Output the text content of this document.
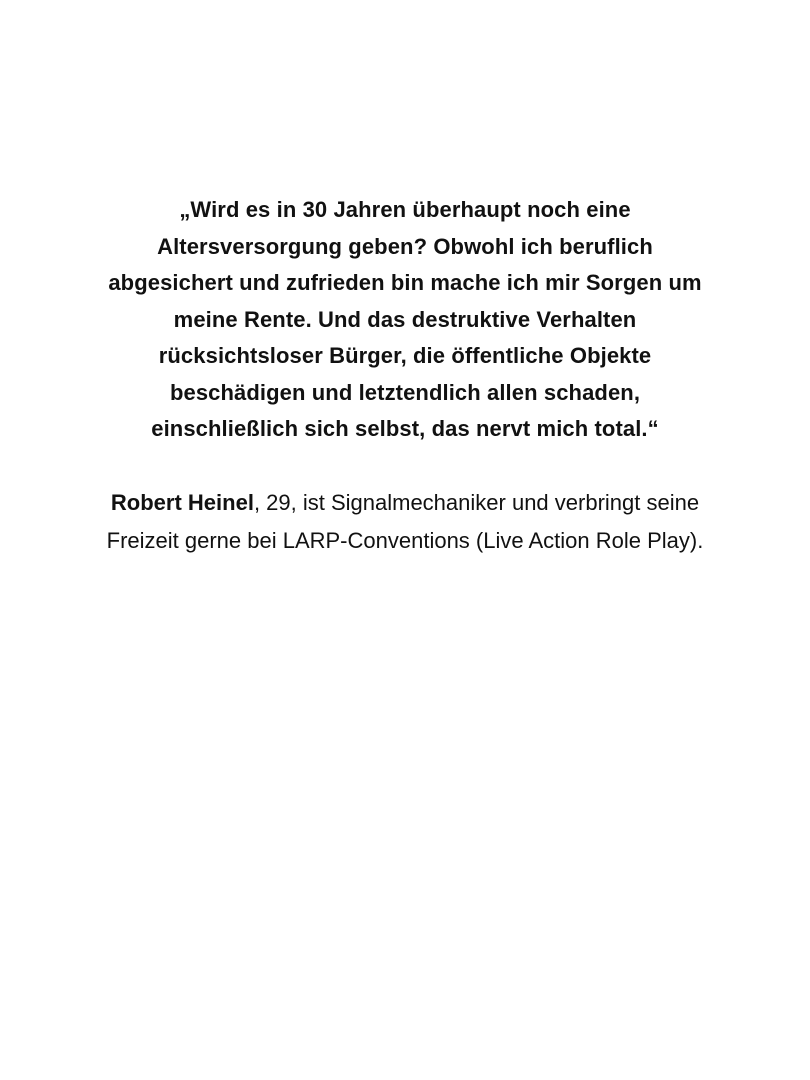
„Wird es in 30 Jahren überhaupt noch eine Altersversorgung geben? Obwohl ich beruflich abgesichert und zufrieden bin mache ich mir Sorgen um meine Rente. Und das destruktive Verhalten rücksichtsloser Bürger, die öffentliche Objekte beschädigen und letztendlich allen schaden, einschließlich sich selbst, das nervt mich total.“

Robert Heinel, 29, ist Signalmechaniker und verbringt seine Freizeit gerne bei LARP-Conventions (Live Action Role Play).
